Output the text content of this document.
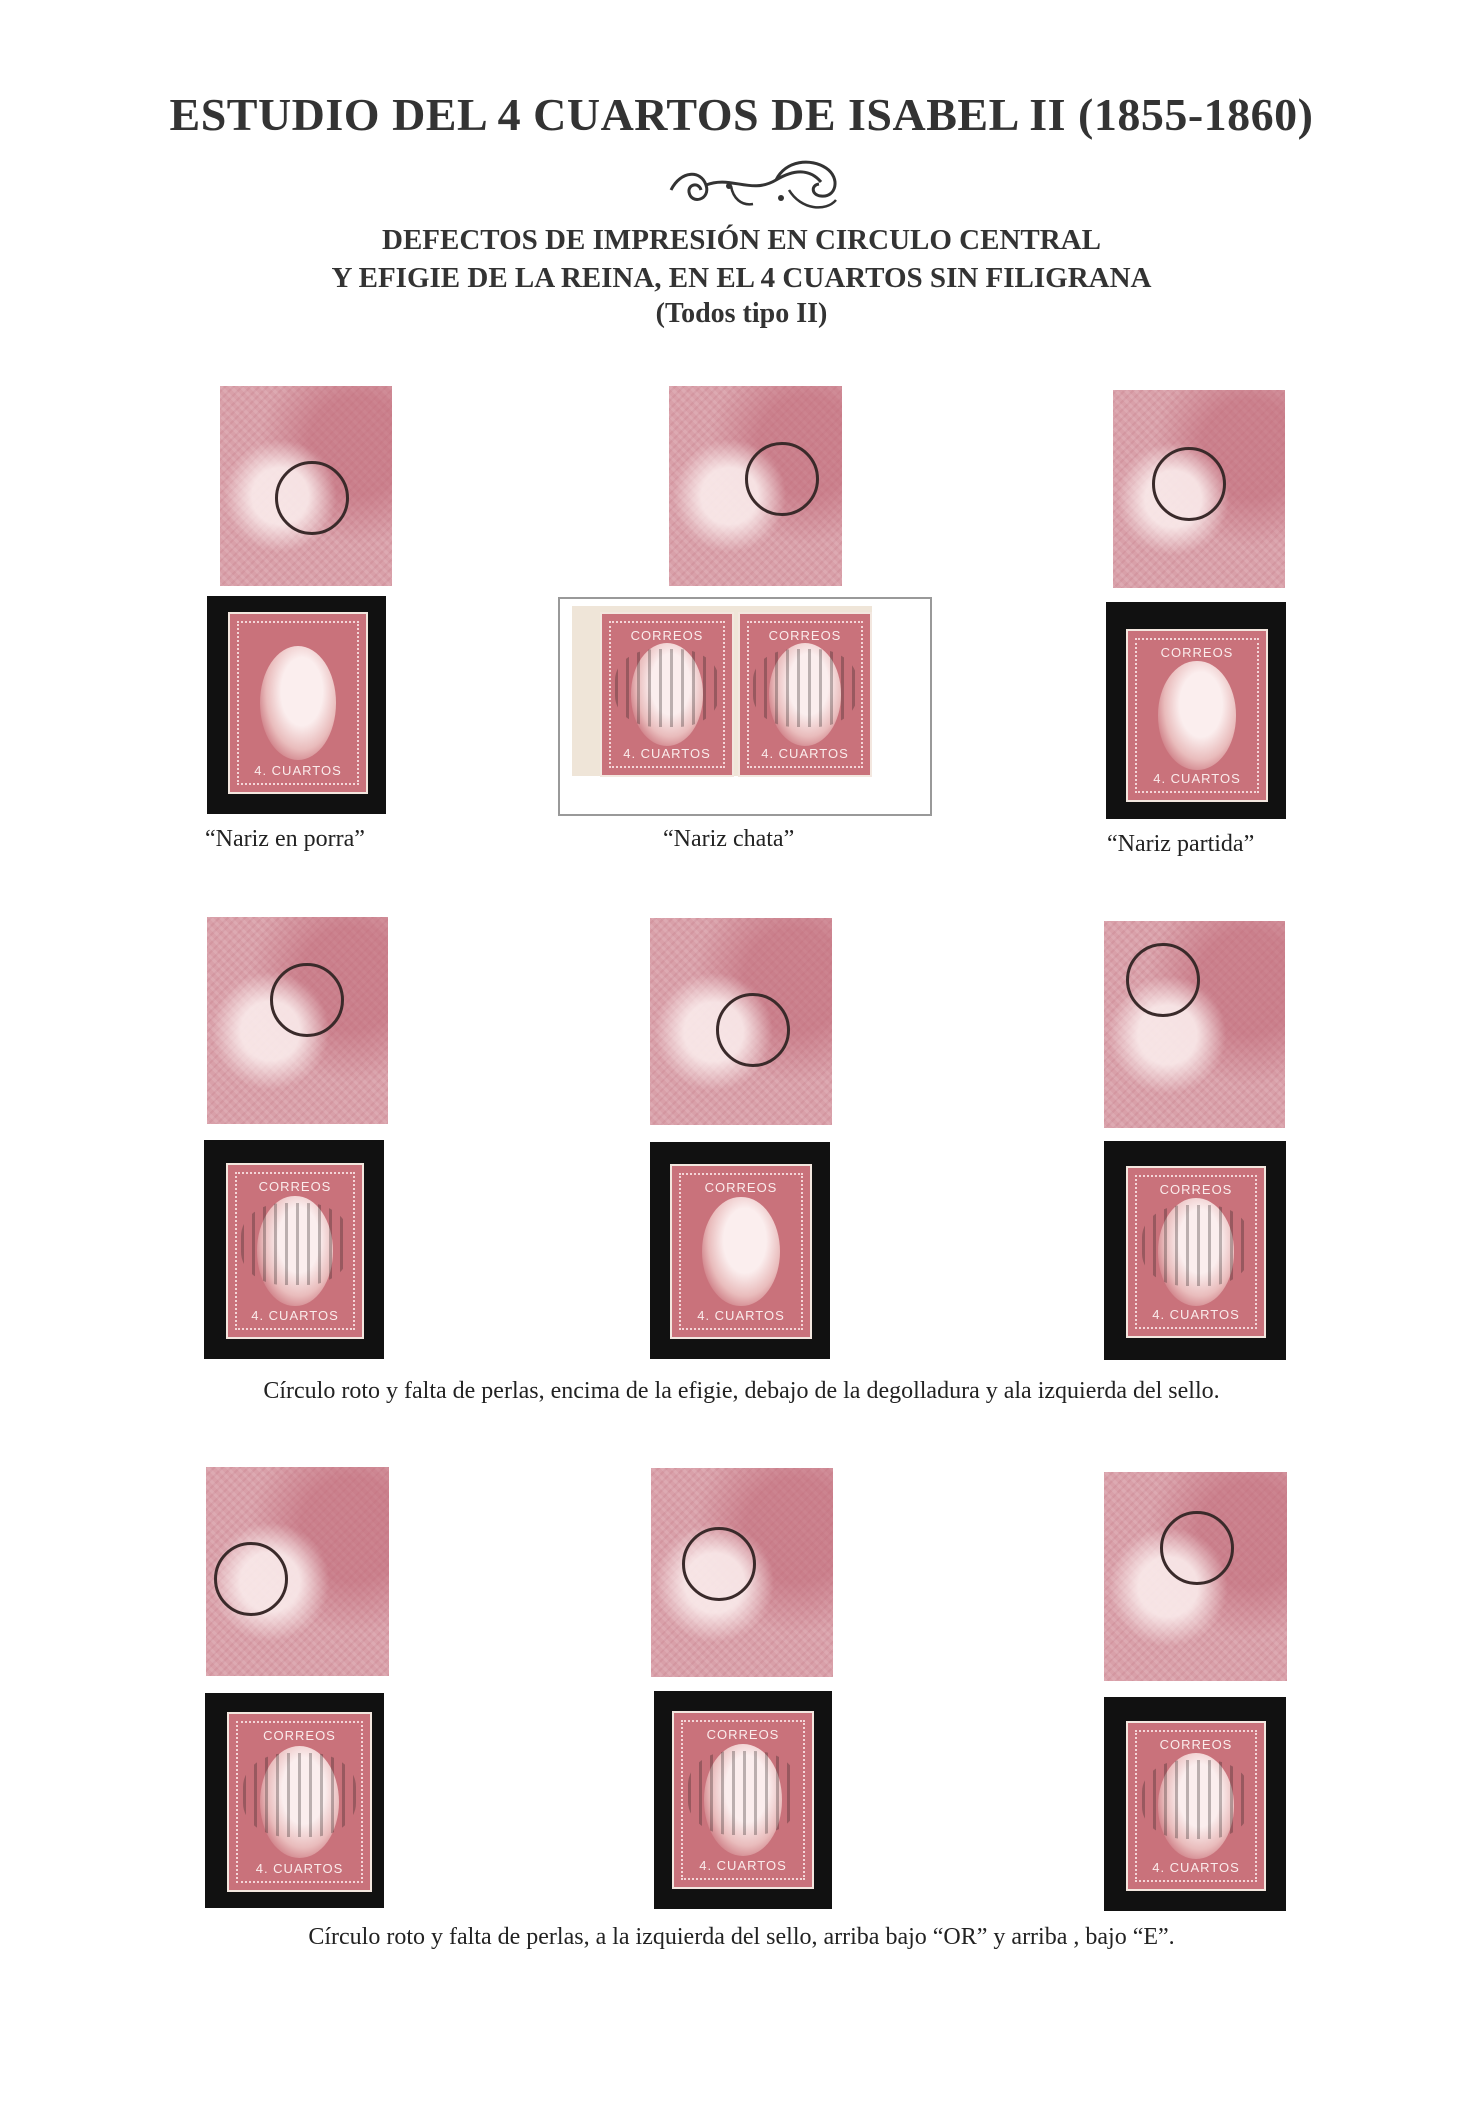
ESTUDIO DEL 4 CUARTOS DE ISABEL II (1855-1860)
DEFECTOS DE IMPRESIÓN EN CIRCULO CENTRAL
Y EFIGIE DE LA REINA, EN EL 4 CUARTOS SIN FILIGRANA
(Todos tipo II)
4. CUARTOS
CORREOS
4. CUARTOS
CORREOS
4. CUARTOS
CORREOS
4. CUARTOS
“Nariz en porra”	“Nariz chata”	“Nariz partida”
CORREOS
4. CUARTOS
CORREOS
4. CUARTOS
CORREOS
4. CUARTOS
Círculo roto y falta de perlas, encima de la efigie, debajo de la degolladura y ala izquierda del sello.
CORREOS
4. CUARTOS
CORREOS
4. CUARTOS
CORREOS
4. CUARTOS
Círculo roto y falta de perlas, a la izquierda del sello, arriba bajo “OR” y arriba , bajo “E”.
